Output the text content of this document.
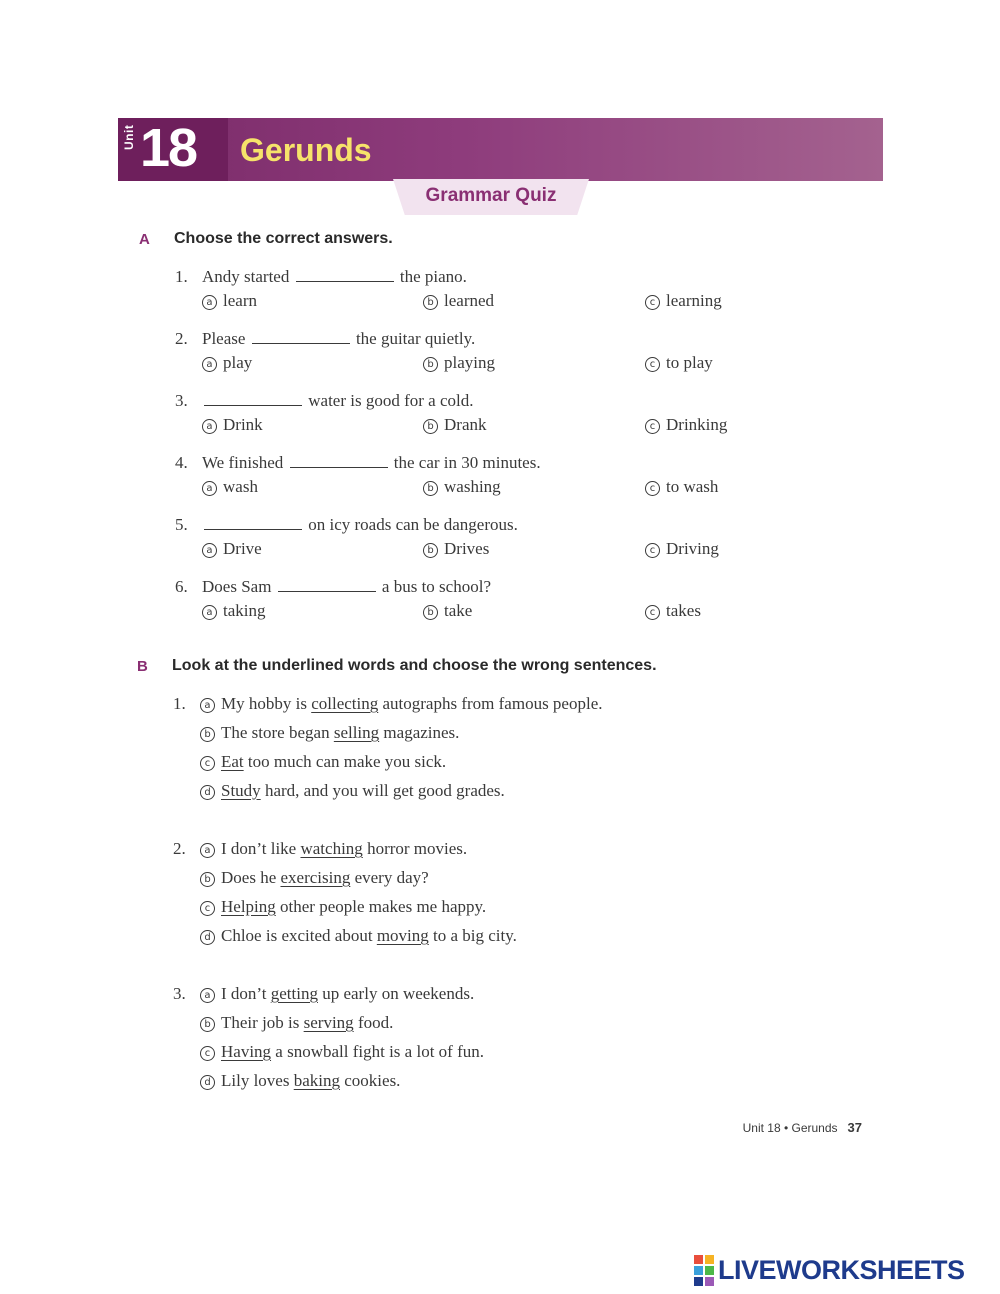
Unit 18 Gerunds
Grammar Quiz
A Choose the correct answers.
1. Andy started	the piano.
a learn	b learned	c learning
2. Please	the guitar quietly.
a play	b playing	c to play
3.	water is good for a cold.
a Drink	b Drank	c Drinking
4. We finished	the car in 30 minutes.
a wash	b washing	c to wash
5.	on icy roads can be dangerous.
a Drive	b Drives	c Driving
6. Does Sam	a bus to school?
a taking	b take	c takes
B Look at the underlined words and choose the wrong sentences.
1.	a My hobby is collecting autographs from famous people.
b The store began selling magazines.
c Eat too much can make you sick.
d Study hard, and you will get good grades.
2.	a I don’t like watching horror movies.
b Does he exercising every day?
c Helping other people makes me happy.
d Chloe is excited about moving to a big city.
3.	a I don’t getting up early on weekends.
b Their job is serving food.
c Having a snowball fight is a lot of fun.
d Lily loves baking cookies.
Unit 18 • Gerunds 37
LIVEWORKSHEETS
